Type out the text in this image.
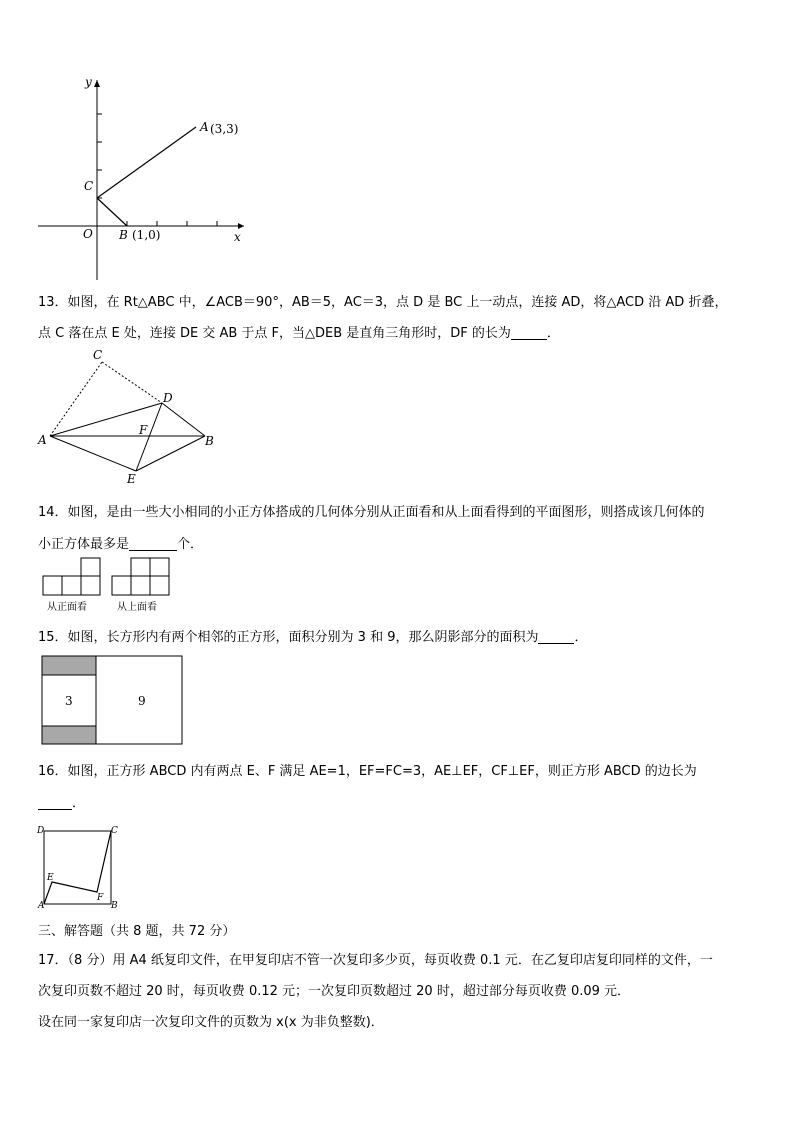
y
x
O
C
A (3,3)
B (1,0)
13．如图，在 Rt△ABC 中，∠ACB＝90°，AB＝5，AC＝3，点 D 是 BC 上一动点，连接 AD，将△ACD 沿 AD 折叠，
点 C 落在点 E 处，连接 DE 交 AB 于点 F，当△DEB 是直角三角形时，DF 的长为	．
C
D
A
F
B
E
14．如图，是由一些大小相同的小正方体搭成的几何体分别从正面看和从上面看得到的平面图形，则搭成该几何体的
小正方体最多是	个．
从正面看	从上面看
15．如图，长方形内有两个相邻的正方形，面积分别为 3 和 9，那么阴影部分的面积为	．
3	9
16．如图，正方形 ABCD 内有两点 E、F 满足 AE=1，EF=FC=3，AE⊥EF，CF⊥EF，则正方形 ABCD 的边长为
．
D	C
E
F
A	B
三、解答题（共 8 题，共 72 分）
17．（8 分）用 A4 纸复印文件，在甲复印店不管一次复印多少页，每页收费 0.1 元．在乙复印店复印同样的文件，一
次复印页数不超过 20 时，每页收费 0.12 元；一次复印页数超过 20 时，超过部分每页收费 0.09 元．
设在同一家复印店一次复印文件的页数为 x(x 为非负整数)．
